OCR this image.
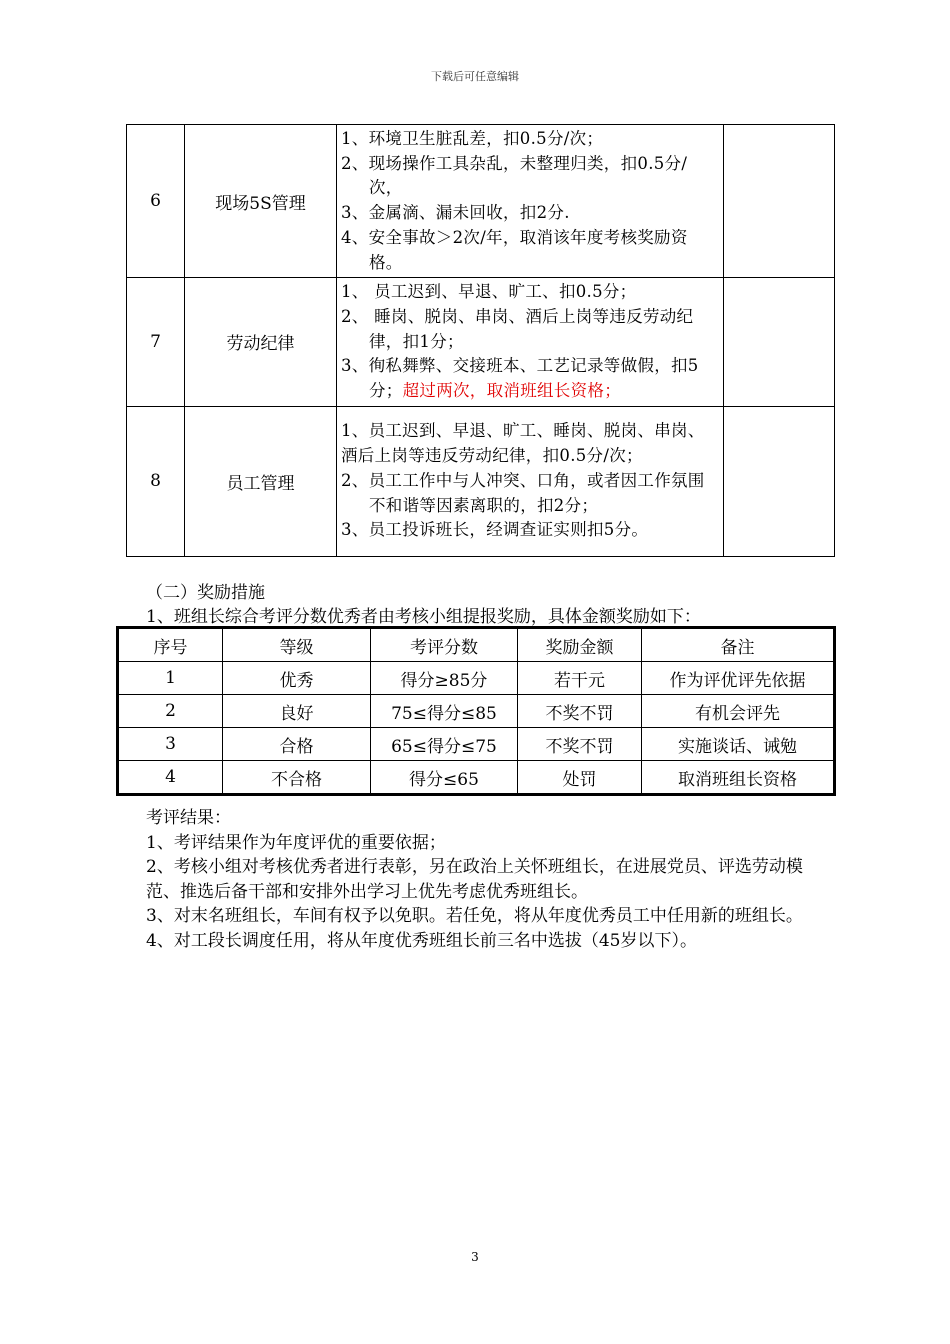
下载后可任意编辑
6	现场5S管理	1、环境卫生脏乱差，扣0.5分/次；
2、现场操作工具杂乱，未整理归类，扣0.5分/次，
3、金属滴、漏未回收，扣2分.
4、安全事故＞2次/年，取消该年度考核奖励资格。	

7	劳动纪律	1、 员工迟到、早退、旷工、扣0.5分；
2、 睡岗、脱岗、串岗、酒后上岗等违反劳动纪律，扣1分；
3、徇私舞弊、交接班本、工艺记录等做假，扣5分；超过两次，取消班组长资格；	

8	员工管理	1、员工迟到、早退、旷工、睡岗、脱岗、串岗、酒后上岗等违反劳动纪律，扣0.5分/次；
2、员工工作中与人冲突、口角，或者因工作氛围不和谐等因素离职的，扣2分；
3、员工投诉班长，经调查证实则扣5分。	

（二）奖励措施
1、班组长综合考评分数优秀者由考核小组提报奖励，具体金额奖励如下：
序号	等级	考评分数	奖励金额	备注
1	优秀	得分≥85分	若干元	作为评优评先依据
2	良好	75≤得分≤85	不奖不罚	有机会评先
3	合格	65≤得分≤75	不奖不罚	实施谈话、诫勉
4	不合格	得分≤65	处罚	取消班组长资格

考评结果：

1、考评结果作为年度评优的重要依据；

2、考核小组对考核优秀者进行表彰，另在政治上关怀班组长，在进展党员、评选劳动模范、推选后备干部和安排外出学习上优先考虑优秀班组长。

3、对末名班组长，车间有权予以免职。若任免，将从年度优秀员工中任用新的班组长。

4、对工段长调度任用，将从年度优秀班组长前三名中选拔（45岁以下）。

3
